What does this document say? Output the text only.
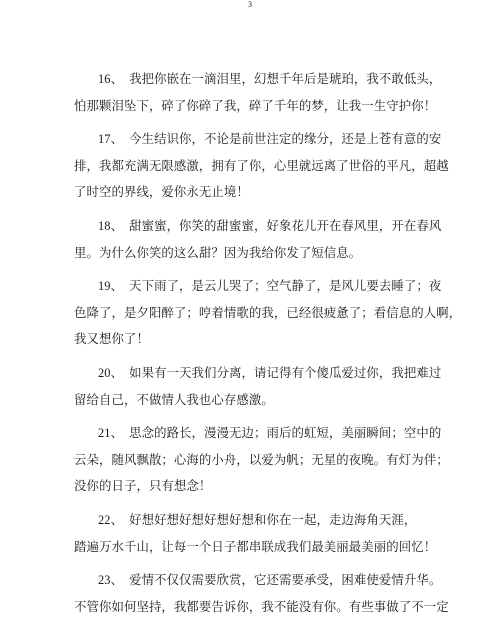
3
16、 我把你嵌在一滴泪里，幻想千年后是琥珀，我不敢低头，
怕那颗泪坠下，碎了你碎了我，碎了千年的梦，让我一生守护你！
17、 今生结识你，不论是前世注定的缘分，还是上苍有意的安
排，我都充满无限感激，拥有了你，心里就远离了世俗的平凡，超越
了时空的界线，爱你永无止境！
18、 甜蜜蜜，你笑的甜蜜蜜，好象花儿开在春风里，开在春风
里。为什么你笑的这么甜？因为我给你发了短信息。
19、 天下雨了，是云儿哭了；空气静了，是风儿要去睡了；夜
色降了，是夕阳醉了；哼着情歌的我，已经很疲惫了；看信息的人啊，
我又想你了！
20、 如果有一天我们分离，请记得有个傻瓜爱过你，我把难过
留给自己，不做情人我也心存感激。
21、 思念的路长，漫漫无边；雨后的虹短，美丽瞬间；空中的
云朵，随风飘散；心海的小舟，以爱为帆；无星的夜晚。有灯为伴；
没你的日子，只有想念！
22、 好想好想好想好想好想和你在一起，走边海角天涯，
踏遍万水千山，让每一个日子都串联成我们最美丽最美丽的回忆！
23、 爱情不仅仅需要欣赏，它还需要承受，困难使爱情升华。
不管你如何坚持，我都要告诉你，我不能没有你。有些事做了不一定
